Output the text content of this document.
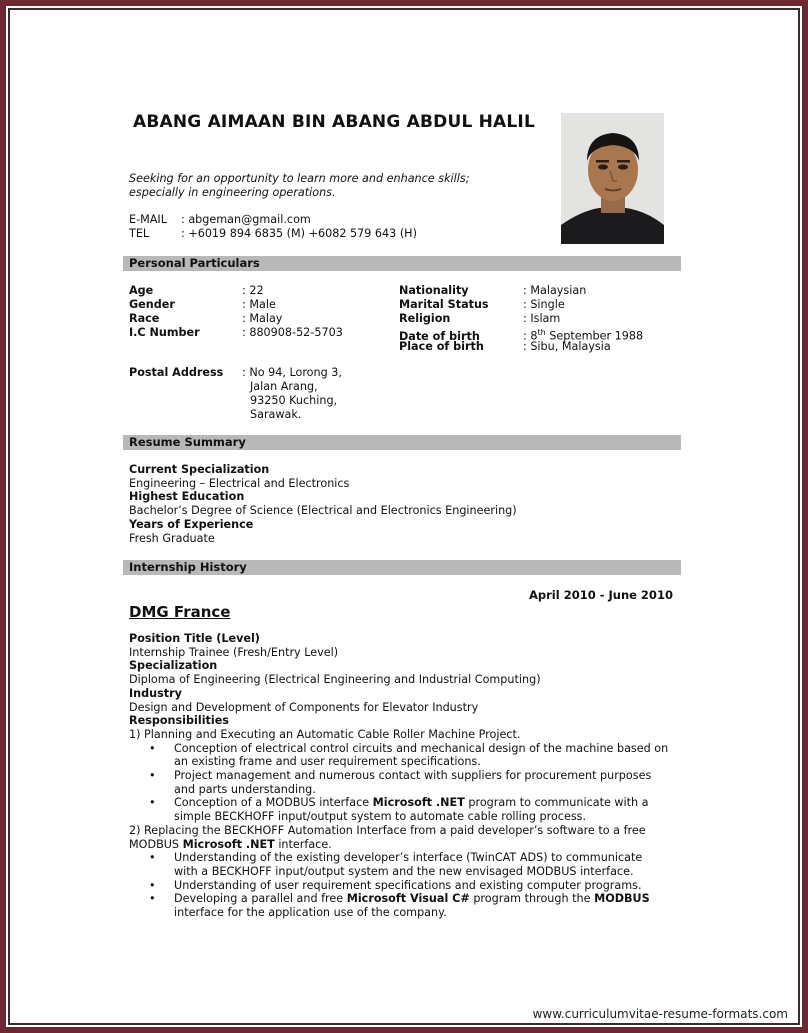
ABANG AIMAAN BIN ABANG ABDUL HALIL
Seeking for an opportunity to learn more and enhance skills;
especially in engineering operations.
E-MAIL : abgeman@gmail.com
TEL	: +6019 894 6835 (M) +6082 579 643 (H)
Personal Particulars
Age	: 22
Gender	: Male
Race	: Malay
I.C Number	: 880908-52-5703
Nationality	: Malaysian
Marital Status	: Single
Religion	: Islam
Date of birth	: 8th September 1988
Place of birth	: Sibu, Malaysia
Postal Address : No 94, Lorong 3,
Jalan Arang,
93250 Kuching,
Sarawak.
Resume Summary
Current Specialization
Engineering – Electrical and Electronics
Highest Education
Bachelor’s Degree of Science (Electrical and Electronics Engineering)
Years of Experience
Fresh Graduate
Internship History
April 2010 - June 2010
DMG France
Position Title (Level)
Internship Trainee (Fresh/Entry Level)
Specialization
Diploma of Engineering (Electrical Engineering and Industrial Computing)
Industry
Design and Development of Components for Elevator Industry
Responsibilities
1) Planning and Executing an Automatic Cable Roller Machine Project.
• Conception of electrical control circuits and mechanical design of the machine based on
an existing frame and user requirement specifications.
• Project management and numerous contact with suppliers for procurement purposes
and parts understanding.
• Conception of a MODBUS interface Microsoft .NET program to communicate with a
simple BECKHOFF input/output system to automate cable rolling process.
2) Replacing the BECKHOFF Automation Interface from a paid developer’s software to a free
MODBUS Microsoft .NET interface.
• Understanding of the existing developer’s interface (TwinCAT ADS) to communicate
with a BECKHOFF input/output system and the new envisaged MODBUS interface.
• Understanding of user requirement specifications and existing computer programs.
• Developing a parallel and free Microsoft Visual C# program through the MODBUS
interface for the application use of the company.
www.curriculumvitae-resume-formats.com
